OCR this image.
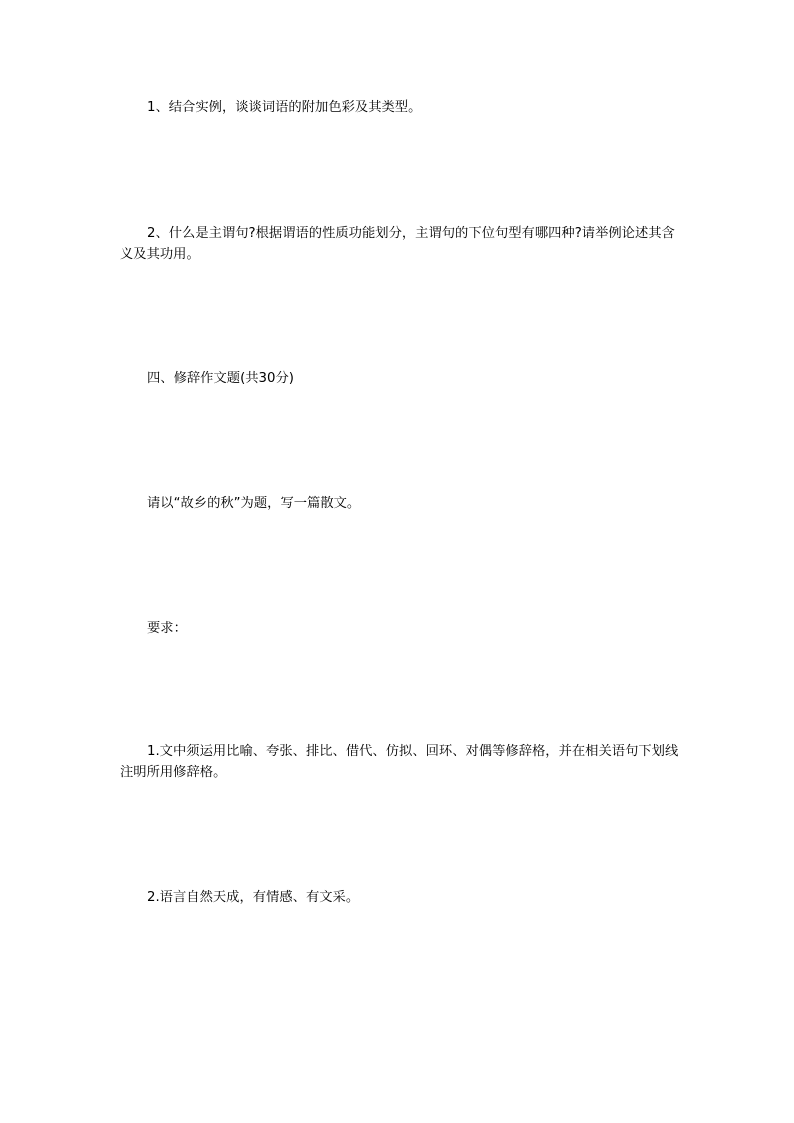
1、结合实例，谈谈词语的附加色彩及其类型。

2、什么是主谓句?根据谓语的性质功能划分，主谓句的下位句型有哪四种?请举例论述其含义及其功用。

四、修辞作文题(共30分)

请以“故乡的秋”为题，写一篇散文。

要求：

1.文中须运用比喻、夸张、排比、借代、仿拟、回环、对偶等修辞格，并在相关语句下划线注明所用修辞格。

2.语言自然天成，有情感、有文采。
